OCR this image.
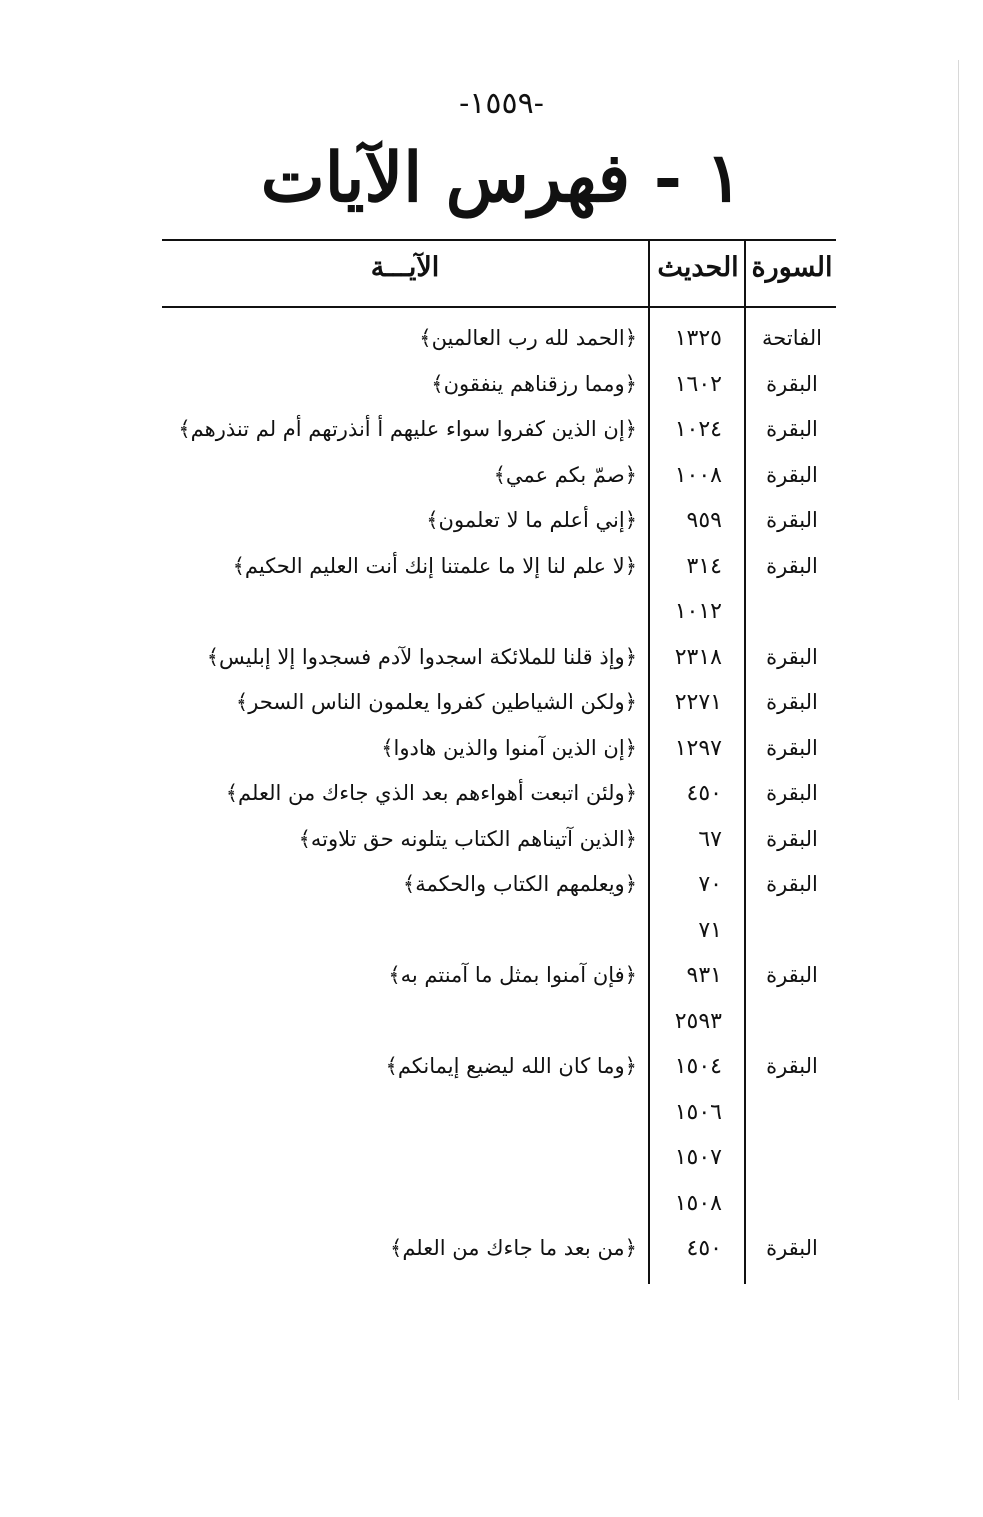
-١٥٥٩-
١ - فهرس الآيات
السورة
الحديث
الآيـــة
الفاتحة
١٣٢٥
﴿الحمد لله رب العالمين﴾
البقرة
١٦٠٢
﴿ومما رزقناهم ينفقون﴾
البقرة
١٠٢٤
﴿إن الذين كفروا سواء عليهم أ أنذرتهم أم لم تنذرهم﴾
البقرة
١٠٠٨
﴿صمّ بكم عمي﴾
البقرة
٩٥٩
﴿إني أعلم ما لا تعلمون﴾
البقرة
٣١٤
﴿لا علم لنا إلا ما علمتنا إنك أنت العليم الحكيم﴾
١٠١٢
البقرة
٢٣١٨
﴿وإذ قلنا للملائكة اسجدوا لآدم فسجدوا إلا إبليس﴾
البقرة
٢٢٧١
﴿ولكن الشياطين كفروا يعلمون الناس السحر﴾
البقرة
١٢٩٧
﴿إن الذين آمنوا والذين هادوا﴾
البقرة
٤٥٠
﴿ولئن اتبعت أهواءهم بعد الذي جاءك من العلم﴾
البقرة
٦٧
﴿الذين آتيناهم الكتاب يتلونه حق تلاوته﴾
البقرة
٧٠
﴿ويعلمهم الكتاب والحكمة﴾
٧١
البقرة
٩٣١
﴿فإن آمنوا بمثل ما آمنتم به﴾
٢٥٩٣
البقرة
١٥٠٤
﴿وما كان الله ليضيع إيمانكم﴾
١٥٠٦
١٥٠٧
١٥٠٨
البقرة
٤٥٠
﴿من بعد ما جاءك من العلم﴾
